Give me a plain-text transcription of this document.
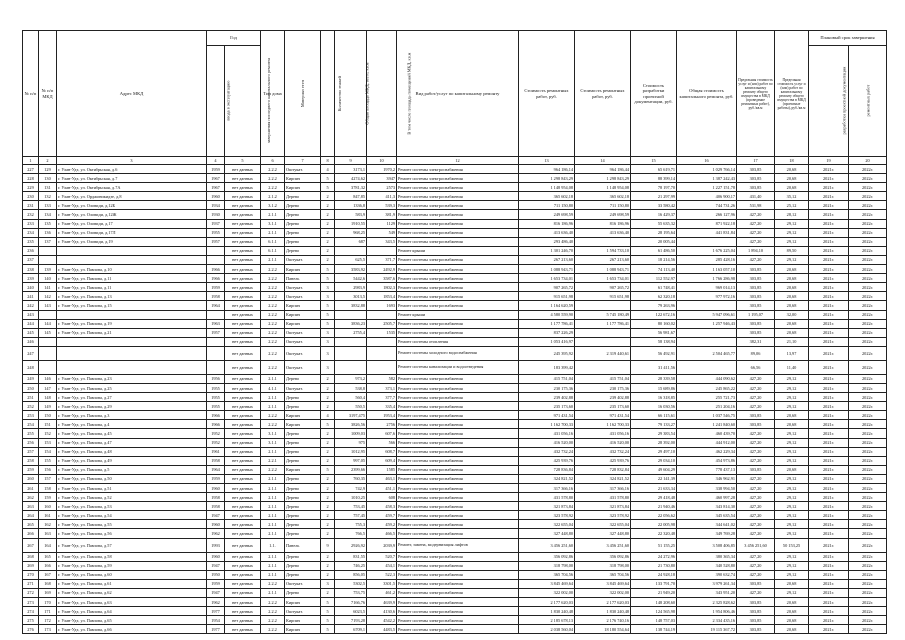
№ п/п	№ п/п МКД	Адрес МКД	Год		Тип дома	Материал стен	Количество этажей	Общая площадь МКД, всего, кв.м	В том числе площадь помещений МКД, кв.м	Вид работ/услуг по капитальному ремонту	Стоимость ремонтных работ, руб.	Стоимость ремонтных работ, руб.	Стоимость разработки проектной документации, руб.	Общая стоимость капитального ремонта, руб.	Предельная стоимость услуг и (или) работ по капитальному ремонту общего имущества в МКД (проведение ремонтных работ), руб./кв.м	Предельная стоимость услуг и (или) работ по капитальному ремонту общего имущества в МКД (проектные работы), руб./кв.м	Плановый срок завершения	
			ввода в эксплуатацию	завершения последнего капитального ремонта													разработки проектной документации	ремонтных работ
1	2	3	4	5	6	7	8	9	10	12	13	14	15	16	17	18	19	20
227	129	г. Улан-Удэ, ул. Октябрьская, д.6	1959	нет данных	2.2.2	Оштукат.	4	3173,1	1970,2	Ремонт системы электроснабжения	964 186,14	964 186,44	65 619,71	1 029 766,14	303,85	20,68	2021г.	2022г.
228	130	г. Улан-Удэ, ул. Октябрьская, д.7	1967	нет данных	2.2.2	Кирпич	5	4274,62	3947	Ремонт системы электроснабжения	1 298 843,29	1 298 843,29	88 399,14	1 387 242,43	303,85	20,68	2021г.	2022г.
229	131	г. Улан-Удэ, ул. Октябрьская, д.7А	1967	нет данных	2.2.2	Кирпич	5	3781,32	2573	Ремонт системы электроснабжения	1 148 954,08	1 148 954,08	78 197,70	1 227 151,78	303,85	20,68	2021г.	2022г.
230	132	г. Улан-Удэ, ул. Орджоникидзе, д.8	1960	нет данных	2.1.2	Дерево	2	847,85	411,3	Ремонт системы электроснабжения	365 602,18	365 602,18	21 297,99	406 900,17	431,40	35,12	2021г.	2022г.
231	133	г. Улан-Удэ, ул. Оловиди, д.12Б	1934	нет данных	3.1.2	Дерево	2	1336,8	539,3	Ремонт системы электроснабжения	711 150,80	711 150,80	33 580,42	744 731,26	531,98	25,12	2021г.	2022г.
232	134	г. Улан-Удэ, ул. Оловиди, д.12Ж	1930	нет данных	2.1.1	Дерево	2	583,9	381,9	Ремонт системы электроснабжения	249 698,59	249 698,59	16 429,37	266 127,96	427,20	28,12	2021г.	2022г.
233	135	г. Улан-Удэ, ул. Оловиди, д.17	1937	нет данных	3.1.1	Дерево	2	1910,55	1129	Ремонт системы электроснабжения	816 186,96	816 186,96	55 635,32	871 922,18	427,20	29,12	2021г.	2022г.
234	136	г. Улан-Удэ, ул. Оловиди, д.17Л	1955	нет данных	2.1.1	Дерево	2	968,25	549	Ремонт системы электроснабжения	413 636,40	413 636,40	28 195,64	441 831,84	427,20	29,12	2021г.	2022г.
235	137	г. Улан-Удэ, ул. Оловиди, д.19	1957	нет данных	6.1.1	Дерево	2	687	343,5	Ремонт системы электроснабжения	293 486,40		20 005,44		427,20	29,12	2021г.	2022г.
236				нет данных	6.1.1	Дерево	2			Ремонт крыши	1 301 246,70	1 594 733,10	61 486,50	1 676 225,04	1 894,10	89,50	2021г.	2022г.
237				нет данных	2.1.1	Оштукат.	2	625,5	371,7	Ремонт системы электроснабжения	267 213,60	267 213,60	18 214,56	285 428,16	427,20	29,12	2021г.	2022г.
238	139	г. Улан-Удэ, ул. Павлова, д.10	1966	нет данных	2.2.2	Кирпич	5	3583,92	2492,9	Ремонт системы электроснабжения	1 088 943,71	1 088 943,71	74 113,40	1 163 057,10	303,85	20,68	2021г.	2022г.
239	140	г. Улан-Удэ, ул. Павлова, д.11	1966	нет данных	2.2.2	Панель	5	5442,6	3587,6	Ремонт системы электроснабжения	1 653 734,01	1 653 734,01	112 552,97	1 766 286,98	303,85	20,68	2021г.	2022г.
240	141	г. Улан-Удэ, ул. Павлова, д.11	1959	нет данных	2.2.2	Оштукат.	3	2983,9	1802,3	Ремонт системы электроснабжения	907 265,72	907 265,72	61 748,41	969 014,13	303,85	20,68	2021г.	2022г.
241	142	г. Улан-Удэ, ул. Павлова, д.13	1958	нет данных	2.2.2	Оштукат.	3	3013,5	1853,4	Ремонт системы электроснабжения	915 651,98	915 651,98	62 320,18	977 972,16	303,85	20,68	2021г.	2022г.
242	143	г. Улан-Удэ, ул. Павлова, д.15	1964	нет данных	2.2.2	Кирпич	5	3832,88	1693	Ремонт системы электроснабжения	1 164 620,59		79 263,96		303,85	20,68	2021г.	2022г.
243				нет данных	2.2.2	Кирпич	5			Ремонт крыши	4 580 559,90	5 745 180,49	122 672,16	5 947 096,61	1 195,07	32,00	2021г.	2022г.
244	144	г. Улан-Удэ, ул. Павлова, д.19	1963	нет данных	2.2.2	Кирпич	5	3836,23	2505,7	Ремонт системы электроснабжения	1 177 786,41	1 177 786,41	80 160,02	1 257 946,43	303,85	20,68	2021г.	2022г.
245	145	г. Улан-Удэ, ул. Павлова, д.21	1957	нет данных	2.2.2	Оштукат.	3	2755,4	1535	Ремонт системы электроснабжения	837 226,29		56 981,67		303,85	20,68	2021г.	2022г.
246				нет данных	2.2.2	Оштукат.	3			Ремонт системы отопления	1 053 416,97		58 138,94		382,31	21,10	2021г.	2022г.
247				нет данных	2.2.2	Оштукат.	3			Ремонт системы холодного водоснабжения	245 395,92	2 319 440,61	56 492,91	2 504 465,77	89,06	13,97	2021г.	2022г.
248				нет данных	2.2.2	Оштукат.	3			Ремонт системы канализации и водоотведения	183 399,42		31 411,56		66,56	11,40	2021г.	2022г.
249	146	г. Улан-Удэ, ул. Павлова, д.23	1956	нет данных	2.1.1	Дерево	2	973,2	582	Ремонт системы электроснабжения	415 751,04	415 751,04	28 339,58	444 090,62	427,20	29,12	2021г.	2022г.
250	147	г. Улан-Удэ, ул. Павлова, д.25	1955	нет данных	4.1.1	Оштукат.	2	538,8	373,1	Ремонт системы электроснабжения	230 175,36	230 175,36	15 689,86	245 865,22	427,20	29,12	2021г.	2022г.
251	148	г. Улан-Удэ, ул. Павлова, д.27	1955	нет данных	2.1.1	Дерево	2	560,4	377,7	Ремонт системы электроснабжения	239 402,88	239 402,88	16 318,85	255 721,73	427,20	29,12	2021г.	2022г.
252	149	г. Улан-Удэ, ул. Павлова, д.29	1955	нет данных	2.1.1	Дерево	2	550,5	335,4	Ремонт системы электроснабжения	235 173,60	235 173,60	16 030,56	251 204,16	427,20	29,12	2021г.	2022г.
253	150	г. Улан-Удэ, ул. Павлова, д.3	1966	нет данных	2.2.2	Кирпич	4	3197,475	1953,4	Ремонт системы электроснабжения	971 431,54	971 431,54	66 115,61	1 037 546,75	303,85	20,68	2021г.	2022г.
254	151	г. Улан-Удэ, ул. Павлова, д.4	1966	нет данных	2.2.2	Кирпич	5	3826,56	2756	Ремонт системы электроснабжения	1 162 700,33	1 162 700,33	79 133,27	1 241 840,60	303,85	20,68	2021г.	2022г.
255	152	г. Улан-Удэ, ул. Павлова, д.45	1952	нет данных	3.1.1	Дерево	2	1009,03	607,6	Ремонт системы электроснабжения	431 056,16	431 056,16	29 383,54	460 439,70	427,20	29,12	2021г.	2022г.
256	153	г. Улан-Удэ, ул. Павлова, д.47	1952	нет данных	3.1.1	Дерево	2	975	566	Ремонт системы электроснабжения	416 520,00	416 520,00	28 392,00	444 912,00	427,20	29,12	2021г.	2022г.
257	154	г. Улан-Удэ, ул. Павлова, д.48	1961	нет данных	2.1.1	Дерево	2	1012,95	608,7	Ремонт системы электроснабжения	432 732,24	432 732,24	29 497,10	462 229,34	427,20	29,12	2021г.	2022г.
258	155	г. Улан-Удэ, ул. Павлова, д.49	1958	нет данных	2.2.1	Дерево	2	997,05	609,4	Ремонт системы электроснабжения	425 939,76	425 939,76	29 034,10	454 973,86	427,20	29,12	2021г.	2022г.
259	156	г. Улан-Удэ, ул. Павлова, д.5	1964	нет данных	2.2.2	Кирпич	5	2399,66	1585	Ремонт системы электроснабжения	728 836,84	728 832,84	49 604,29	778 437,13	303,85	20,68	2021г.	2022г.
260	157	г. Улан-Удэ, ул. Павлова, д.50	1959	нет данных	2.1.1	Дерево	2	760,35	463,1	Ремонт системы электроснабжения	324 821,52	324 821,52	22 141,39	346 962,91	427,20	29,12	2021г.	2022г.
261	158	г. Улан-Удэ, ул. Павлова, д.51	1960	нет данных	2.1.1	Дерево	2	742,9	451,1	Ремонт системы электроснабжения	317 366,16	317 366,16	21 633,34	338 994,50	427,20	29,12	2021г.	2022г.
262	159	г. Улан-Удэ, ул. Павлова, д.52	1958	нет данных	2.1.1	Дерево	2	1010,25	608	Ремонт системы электроснабжения	431 578,80	431 578,80	29 418,48	460 997,28	427,20	29,12	2021г.	2022г.
263	160	г. Улан-Удэ, ул. Павлова, д.53	1958	нет данных	2.1.1	Дерево	2	753,45	458,3	Ремонт системы электроснабжения	321 873,84	321 873,84	21 940,46	343 814,30	427,20	29,12	2021г.	2022г.
264	161	г. Улан-Удэ, ул. Павлова, д.54	1947	нет данных	2.1.1	Дерево	2	757,45	459,7	Ремонт системы электроснабжения	323 578,92	323 578,92	22 056,62	345 635,54	427,20	29,12	2021г.	2022г.
265	162	г. Улан-Удэ, ул. Павлова, д.55	1960	нет данных	2.1.1	Дерево	2	755,3	459,2	Ремонт системы электроснабжения	322 655,04	322 655,04	22 005,98	344 641,02	427,20	29,12	2021г.	2022г.
266	163	г. Улан-Удэ, ул. Павлова, д.56	1962	нет данных	2.1.1	Дерево	2	766,5	466,5	Ремонт системы электроснабжения	327 448,80	327 448,80	22 320,48	349 769,28	427,20	29,12	2021г.	2022г.
267	164	г. Улан-Удэ, ул. Павлова, д.57	1993	нет данных	1.1.	Панель	9	2926,92	2039,9	Ремонт, замена, модернизация лифтов	3 456 251,60	3 456 251,60	51 155,25	3 508 406,85	3 456 251,60	50 153,25	2021г.	2022г.
268	165	г. Улан-Удэ, ул. Павлова, д.58	1960	нет данных	2.1.1	Дерево	2	831,55	520,7	Ремонт системы электроснабжения	356 092,86	356 092,86	24 272,96	380 365,34	427,20	29,12	2021г.	2022г.
269	166	г. Улан-Удэ, ул. Павлова, д.59	1947	нет данных	2.1.1	Дерево	2	746,25	454,1	Ремонт системы электроснабжения	318 798,00	318 798,00	21 730,80	340 528,80	427,20	29,12	2021г.	2022г.
270	167	г. Улан-Удэ, ул. Павлова, д.60	1950	нет данных	2.1.1	Дерево	2	856,05	522,3	Ремонт системы электроснабжения	365 704,56	365 704,56	24 928,18	390 632,74	427,20	29,12	2021г.	2022г.
271	168	г. Улан-Удэ, ул. Павлова, д.61	1959	нет данных	2.2.2	Оштукат.	3	5302,5	3301,5	Ремонт системы электроснабжения	3 845 469,64	3 845 469,64	133 791,70	3 979 261,34	303,85	20,68	2021г.	2022г.
272	169	г. Улан-Удэ, ул. Павлова, д.62	1947	нет данных	2.1.1	Дерево	2	753,75	461,2	Ремонт системы электроснабжения	322 002,00	322 002,00	21 949,20	343 951,20	427,20	29,12	2021г.	2022г.
273	170	г. Улан-Удэ, ул. Павлова, д.63	1962	нет данных	2.2.2	Кирпич	5	7166,76	4639,9	Ремонт системы электроснабжения	2 177 620,03	2 177 620,03	148 208,60	2 325 828,62	303,85	20,68	2021г.	2022г.
274	171	г. Улан-Удэ, ул. Павлова, д.64	1977	нет данных	2.2.2	Оштукат.	5	6023,5	4130,6	Ремонт системы электроснабжения	1 830 240,48	1 830 240,48	124 565,98	1 954 806,46	303,85	20,68	2021г.	2022г.
275	172	г. Улан-Удэ, ул. Павлова, д.65	1954	нет данных	2.2.2	Кирпич	5	7193,28	4542,2	Ремонт системы электроснабжения	2 185 678,13	2 176 740,16	148 757,03	2 334 435,16	303,85	20,68	2021г.	2022г.
276	173	г. Улан-Удэ, ул. Павлова, д.66	1977	нет данных	2.2.2	Кирпич	5	6709,1	4483,5	Ремонт системы электроснабжения	2 038 560,04	18 180 554,64	138 744,19	19 115 367,72	303,85	20,68	2021г.	2022г.
